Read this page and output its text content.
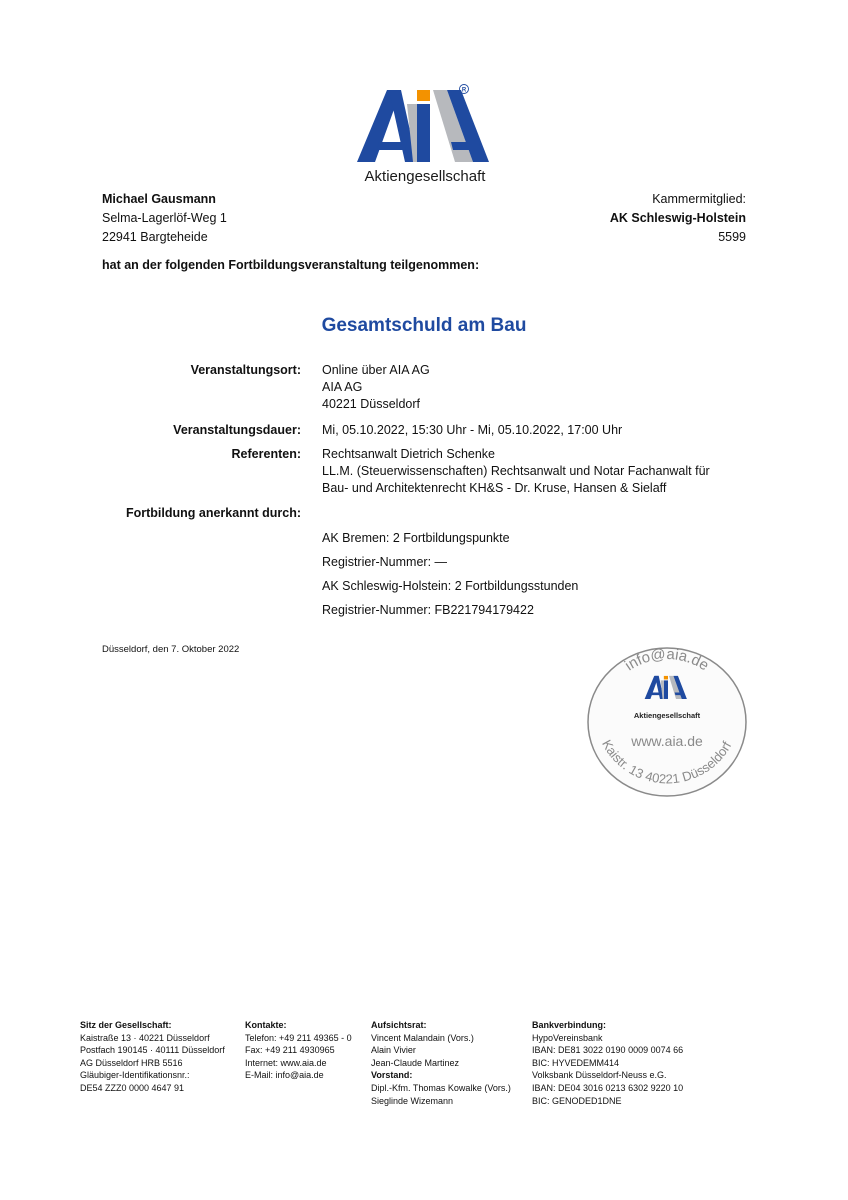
R
Aktiengesellschaft
Michael Gausmann
Selma-Lagerlöf-Weg 1
22941 Bargteheide
Kammermitglied:
AK Schleswig-Holstein
5599
hat an der folgenden Fortbildungsveranstaltung teilgenommen:
Gesamtschuld am Bau
Veranstaltungsort: Online über AIA AG
AIA AG
40221 Düsseldorf
Veranstaltungsdauer: Mi, 05.10.2022, 15:30 Uhr - Mi, 05.10.2022, 17:00 Uhr
Referenten: Rechtsanwalt Dietrich Schenke
LL.M. (Steuerwissenschaften) Rechtsanwalt und Notar Fachanwalt für
Bau- und Architektenrecht KH&S - Dr. Kruse, Hansen & Sielaff
Fortbildung anerkannt durch:
AK Bremen: 2 Fortbildungspunkte
Registrier-Nummer: —
AK Schleswig-Holstein: 2 Fortbildungsstunden
Registrier-Nummer: FB221794179422
Düsseldorf, den 7. Oktober 2022
info@aia.de
Aktiengesellschaft
www.aia.de
Kaistr. 13 40221 Düsseldorf
Sitz der Gesellschaft:
Kaistraße 13 · 40221 Düsseldorf
Postfach 190145 · 40111 Düsseldorf
AG Düsseldorf HRB 5516
Gläubiger-Identifikationsnr.:
DE54 ZZZ0 0000 4647 91
Kontakte:
Telefon: +49 211 49365 - 0
Fax: +49 211 4930965
Internet: www.aia.de
E-Mail: info@aia.de
Aufsichtsrat:
Vincent Malandain (Vors.)
Alain Vivier
Jean-Claude Martinez
Vorstand:
Dipl.-Kfm. Thomas Kowalke (Vors.)
Sieglinde Wizemann
Bankverbindung:
HypoVereinsbank
IBAN: DE81 3022 0190 0009 0074 66
BIC: HYVEDEMM414
Volksbank Düsseldorf-Neuss e.G.
IBAN: DE04 3016 0213 6302 9220 10
BIC: GENODED1DNE
